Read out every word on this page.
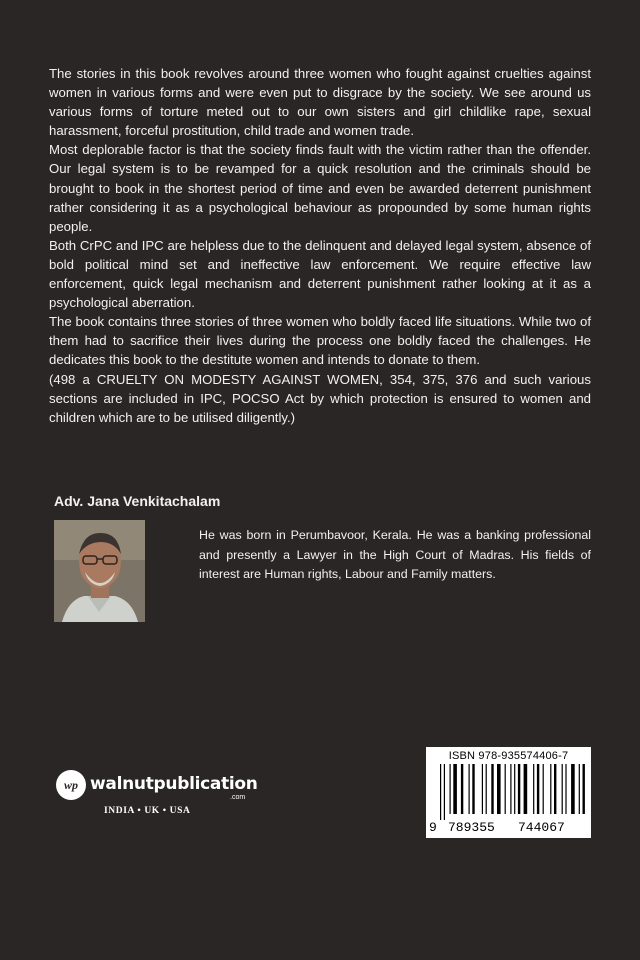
The stories in this book revolves around three women who fought against cruelties against women in various forms and were even put to disgrace by the society. We see around us various forms of torture meted out to our own sisters and girl childlike rape, sexual harassment, forceful prostitution, child trade and women trade.

Most deplorable factor is that the society finds fault with the victim rather than the offender. Our legal system is to be revamped for a quick resolution and the criminals should be brought to book in the shortest period of time and even be awarded deterrent punishment rather considering it as a psychological behaviour as propounded by some human rights people.

Both CrPC and IPC are helpless due to the delinquent and delayed legal system, absence of bold political mind set and ineffective law enforcement. We require effective law enforcement, quick legal mechanism and deterrent punishment rather looking at it as a psychological aberration.

The book contains three stories of three women who boldly faced life situations. While two of them had to sacrifice their lives during the process one boldly faced the challenges. He dedicates this book to the destitute women and intends to donate to them.

(498 a CRUELTY ON MODESTY AGAINST WOMEN, 354, 375, 376 and such various sections are included in IPC, POCSO Act by which protection is ensured to women and children which are to be utilised diligently.)

Adv. Jana Venkitachalam
He was born in Perumbavoor, Kerala. He was a banking professional and presently a Lawyer in the High Court of Madras. His fields of interest are Human rights, Labour and Family matters.
wp walnutpublication
.com
INDIA • UK • USA
ISBN 978-935574406-7
9 789355 744067
